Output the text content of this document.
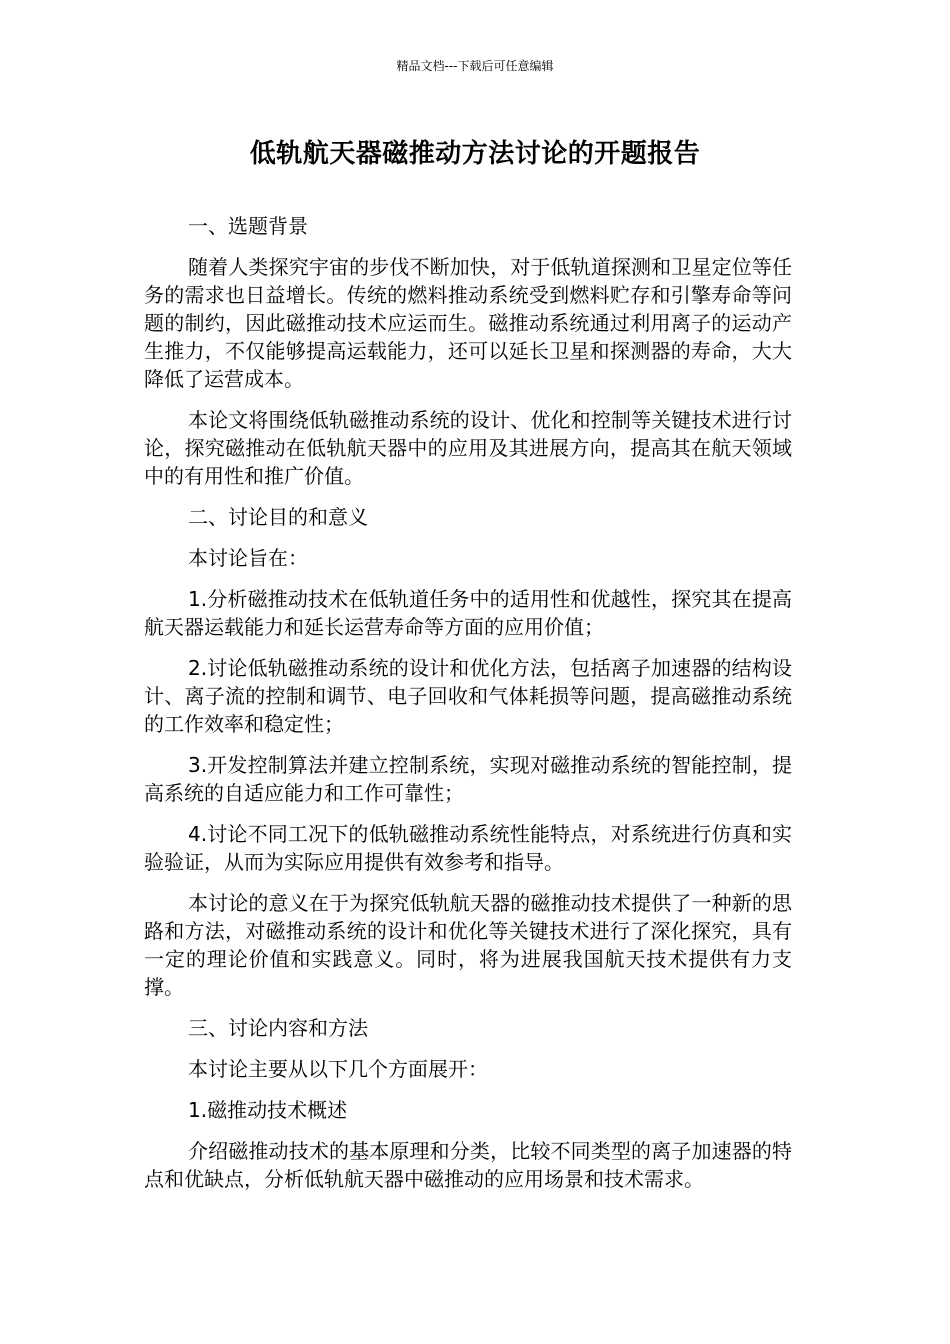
精品文档---下载后可任意编辑
低轨航天器磁推动方法讨论的开题报告

一、选题背景

随着人类探究宇宙的步伐不断加快，对于低轨道探测和卫星定位等任务的需求也日益增长。传统的燃料推动系统受到燃料贮存和引擎寿命等问题的制约，因此磁推动技术应运而生。磁推动系统通过利用离子的运动产生推力，不仅能够提高运载能力，还可以延长卫星和探测器的寿命，大大降低了运营成本。

本论文将围绕低轨磁推动系统的设计、优化和控制等关键技术进行讨论，探究磁推动在低轨航天器中的应用及其进展方向，提高其在航天领域中的有用性和推广价值。

二、讨论目的和意义

本讨论旨在：

1.分析磁推动技术在低轨道任务中的适用性和优越性，探究其在提高航天器运载能力和延长运营寿命等方面的应用价值；

2.讨论低轨磁推动系统的设计和优化方法，包括离子加速器的结构设计、离子流的控制和调节、电子回收和气体耗损等问题，提高磁推动系统的工作效率和稳定性；

3.开发控制算法并建立控制系统，实现对磁推动系统的智能控制，提高系统的自适应能力和工作可靠性；

4.讨论不同工况下的低轨磁推动系统性能特点，对系统进行仿真和实验验证，从而为实际应用提供有效参考和指导。

本讨论的意义在于为探究低轨航天器的磁推动技术提供了一种新的思路和方法，对磁推动系统的设计和优化等关键技术进行了深化探究，具有一定的理论价值和实践意义。同时，将为进展我国航天技术提供有力支撑。

三、讨论内容和方法

本讨论主要从以下几个方面展开：

1.磁推动技术概述

介绍磁推动技术的基本原理和分类，比较不同类型的离子加速器的特点和优缺点，分析低轨航天器中磁推动的应用场景和技术需求。
